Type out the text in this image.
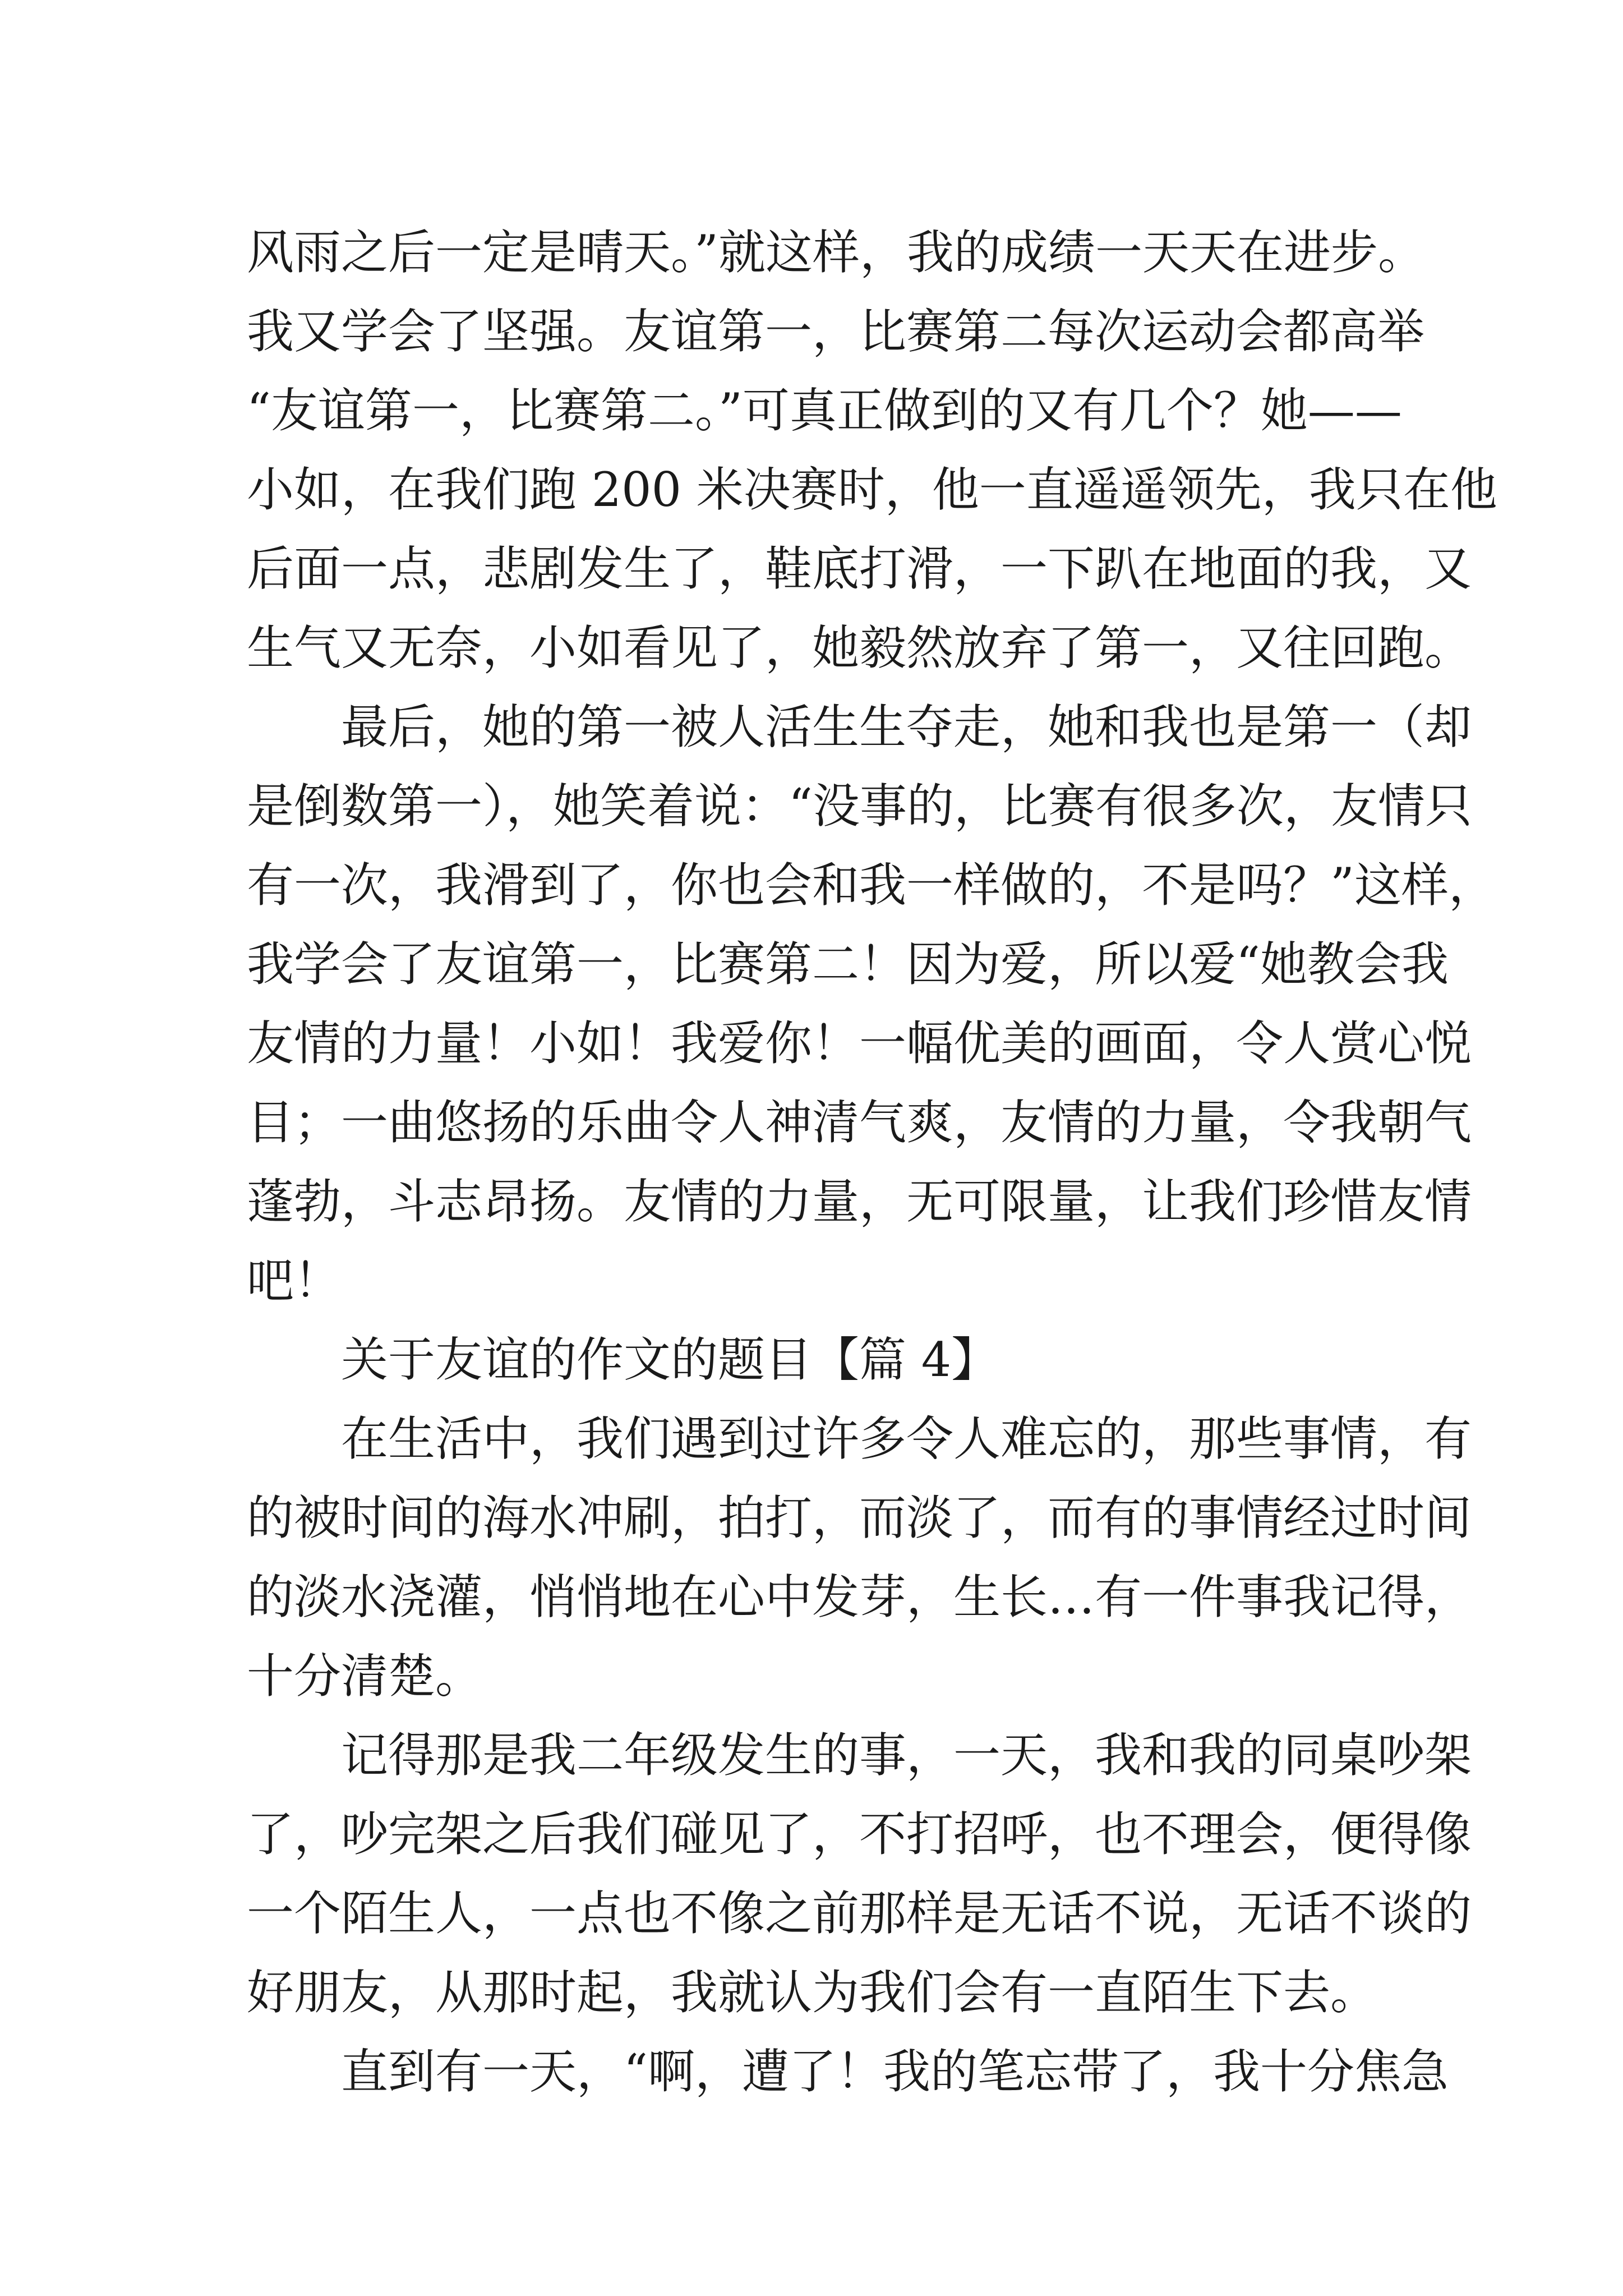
风雨之后一定是晴天。”就这样，我的成绩一天天在进步。
我又学会了坚强。友谊第一，比赛第二每次运动会都高举
“友谊第一，比赛第二。”可真正做到的又有几个？她——
小如，在我们跑 200 米决赛时，他一直遥遥领先，我只在他
后面一点，悲剧发生了，鞋底打滑，一下趴在地面的我，又
生气又无奈，小如看见了，她毅然放弃了第一，又往回跑。
最后，她的第一被人活生生夺走，她和我也是第一（却
是倒数第一），她笑着说：“没事的，比赛有很多次，友情只
有一次，我滑到了，你也会和我一样做的，不是吗？”这样，
我学会了友谊第一，比赛第二！因为爱，所以爱“她教会我
友情的力量！小如！我爱你！一幅优美的画面，令人赏心悦
目；一曲悠扬的乐曲令人神清气爽，友情的力量，令我朝气
蓬勃，斗志昂扬。友情的力量，无可限量，让我们珍惜友情
吧！
关于友谊的作文的题目【篇 4】
在生活中，我们遇到过许多令人难忘的，那些事情，有
的被时间的海水冲刷，拍打，而淡了，而有的事情经过时间
的淡水浇灌，悄悄地在心中发芽，生长…有一件事我记得，
十分清楚。
记得那是我二年级发生的事，一天，我和我的同桌吵架
了，吵完架之后我们碰见了，不打招呼，也不理会，便得像
一个陌生人，一点也不像之前那样是无话不说，无话不谈的
好朋友，从那时起，我就认为我们会有一直陌生下去。
直到有一天，“啊，遭了！我的笔忘带了，我十分焦急
